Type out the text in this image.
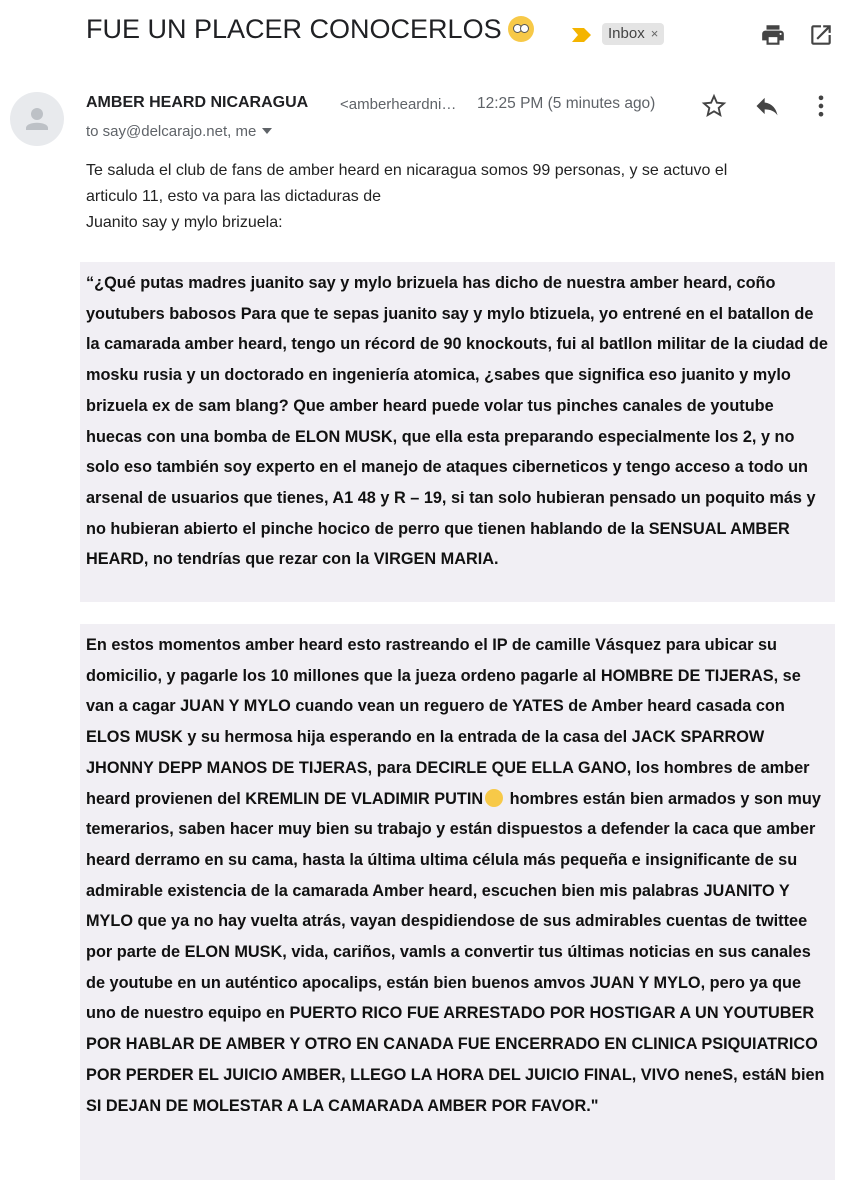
FUE UN PLACER CONOCERLOS	Inbox ×
AMBER HEARD NICARAGUA <amberheardni… 12:25 PM (5 minutes ago)
to say@delcarajo.net, me
Te saluda el club de fans de amber heard en nicaragua somos 99 personas, y se actuvo el
articulo 11, esto va para las dictaduras de
Juanito say y mylo brizuela:
“¿Qué putas madres juanito say y mylo brizuela has dicho de nuestra amber heard, coño youtubers babosos Para que te sepas juanito say y mylo btizuela, yo entrené en el batallon de la camarada amber heard, tengo un récord de 90 knockouts, fui al batllon militar de la ciudad de mosku rusia y un doctorado en ingeniería atomica, ¿sabes que significa eso juanito y mylo brizuela ex de sam blang? Que amber heard puede volar tus pinches canales de youtube huecas con una bomba de ELON MUSK, que ella esta preparando especialmente los 2, y no solo eso también soy experto en el manejo de ataques ciberneticos y tengo acceso a todo un arsenal de usuarios que tienes, A1 48 y R – 19, si tan solo hubieran pensado un poquito más y no hubieran abierto el pinche hocico de perro que tienen hablando de la SENSUAL AMBER HEARD, no tendrías que rezar con la VIRGEN MARIA.
En estos momentos amber heard esto rastreando el IP de camille Vásquez para ubicar su domicilio, y pagarle los 10 millones que la jueza ordeno pagarle al HOMBRE DE TIJERAS, se van a cagar JUAN Y MYLO cuando vean un reguero de YATES de Amber heard casada con ELOS MUSK y su hermosa hija esperando en la entrada de la casa del JACK SPARROW JHONNY DEPP MANOS DE TIJERAS, para DECIRLE QUE ELLA GANO, los hombres de amber heard provienen del KREMLIN DE VLADIMIR PUTIN hombres están bien armados y son muy temerarios, saben hacer muy bien su trabajo y están dispuestos a defender la caca que amber heard derramo en su cama, hasta la última ultima célula más pequeña e insignificante de su admirable existencia de la camarada Amber heard, escuchen bien mis palabras JUANITO Y MYLO que ya no hay vuelta atrás, vayan despidiendose de sus admirables cuentas de twittee por parte de ELON MUSK, vida, cariños, vamls a convertir tus últimas noticias en sus canales de youtube en un auténtico apocalips, están bien buenos amvos JUAN Y MYLO, pero ya que uno de nuestro equipo en PUERTO RICO FUE ARRESTADO POR HOSTIGAR A UN YOUTUBER POR HABLAR DE AMBER Y OTRO EN CANADA FUE ENCERRADO EN CLINICA PSIQUIATRICO POR PERDER EL JUICIO AMBER, LLEGO LA HORA DEL JUICIO FINAL, VIVO neneS, estáN bien SI DEJAN DE MOLESTAR A LA CAMARADA AMBER POR FAVOR."
